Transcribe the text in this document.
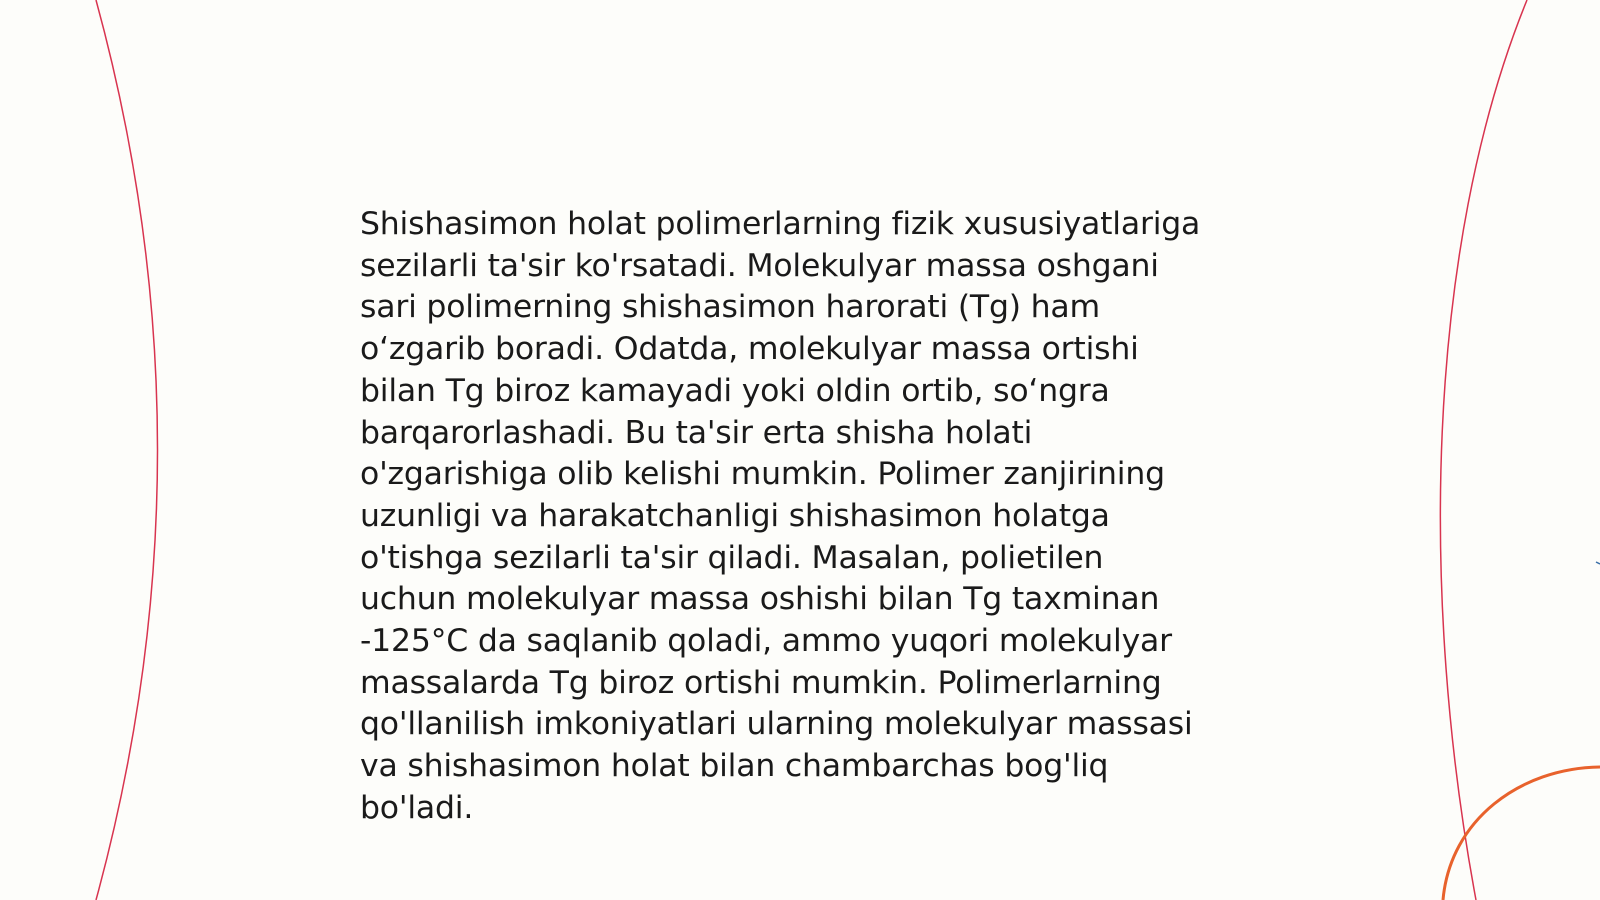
Shishasimon holat polimerlarning fizik xususiyatlariga
sezilarli ta'sir ko'rsatadi. Molekulyar massa oshgani
sari polimerning shishasimon harorati (Tg) ham
o‘zgarib boradi. Odatda, molekulyar massa ortishi
bilan Tg biroz kamayadi yoki oldin ortib, so‘ngra
barqarorlashadi. Bu ta'sir erta shisha holati
o'zgarishiga olib kelishi mumkin. Polimer zanjirining
uzunligi va harakatchanligi shishasimon holatga
o'tishga sezilarli ta'sir qiladi. Masalan, polietilen
uchun molekulyar massa oshishi bilan Tg taxminan
-125°C da saqlanib qoladi, ammo yuqori molekulyar
massalarda Tg biroz ortishi mumkin. Polimerlarning
qo'llanilish imkoniyatlari ularning molekulyar massasi
va shishasimon holat bilan chambarchas bog'liq
bo'ladi.
